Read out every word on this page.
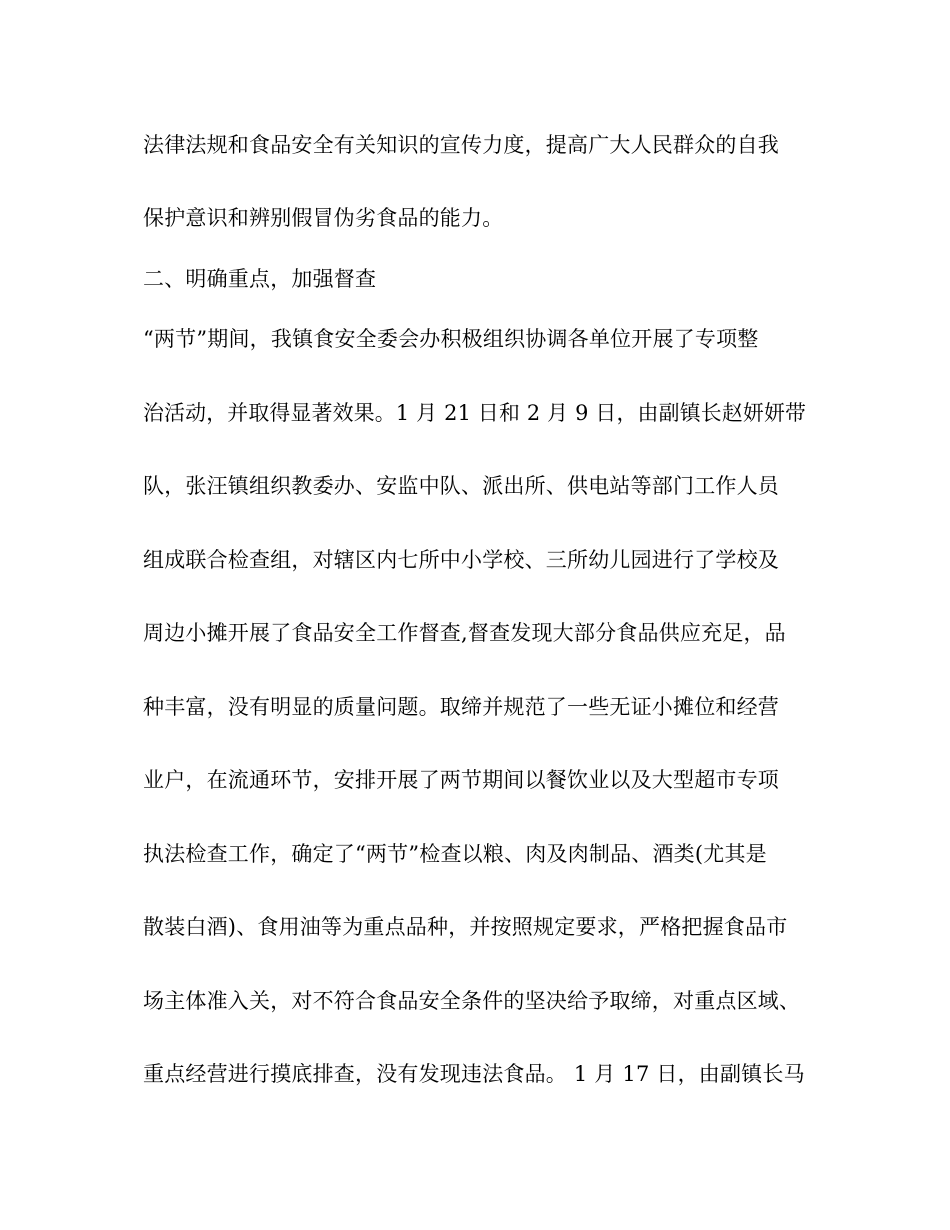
法律法规和食品安全有关知识的宣传力度，提高广大人民群众的自我
保护意识和辨别假冒伪劣食品的能力。
二、明确重点，加强督查
“两节”期间，我镇食安全委会办积极组织协调各单位开展了专项整
治活动，并取得显著效果。1 月 21 日和 2 月 9 日，由副镇长赵妍妍带
队，张汪镇组织教委办、安监中队、派出所、供电站等部门工作人员
组成联合检查组，对辖区内七所中小学校、三所幼儿园进行了学校及
周边小摊开展了食品安全工作督查,督查发现大部分食品供应充足，品
种丰富，没有明显的质量问题。取缔并规范了一些无证小摊位和经营
业户，在流通环节，安排开展了两节期间以餐饮业以及大型超市专项
执法检查工作，确定了“两节”检查以粮、肉及肉制品、酒类(尤其是
散装白酒)、食用油等为重点品种，并按照规定要求，严格把握食品市
场主体准入关，对不符合食品安全条件的坚决给予取缔，对重点区域、
重点经营进行摸底排查，没有发现违法食品。 1 月 17 日，由副镇长马
